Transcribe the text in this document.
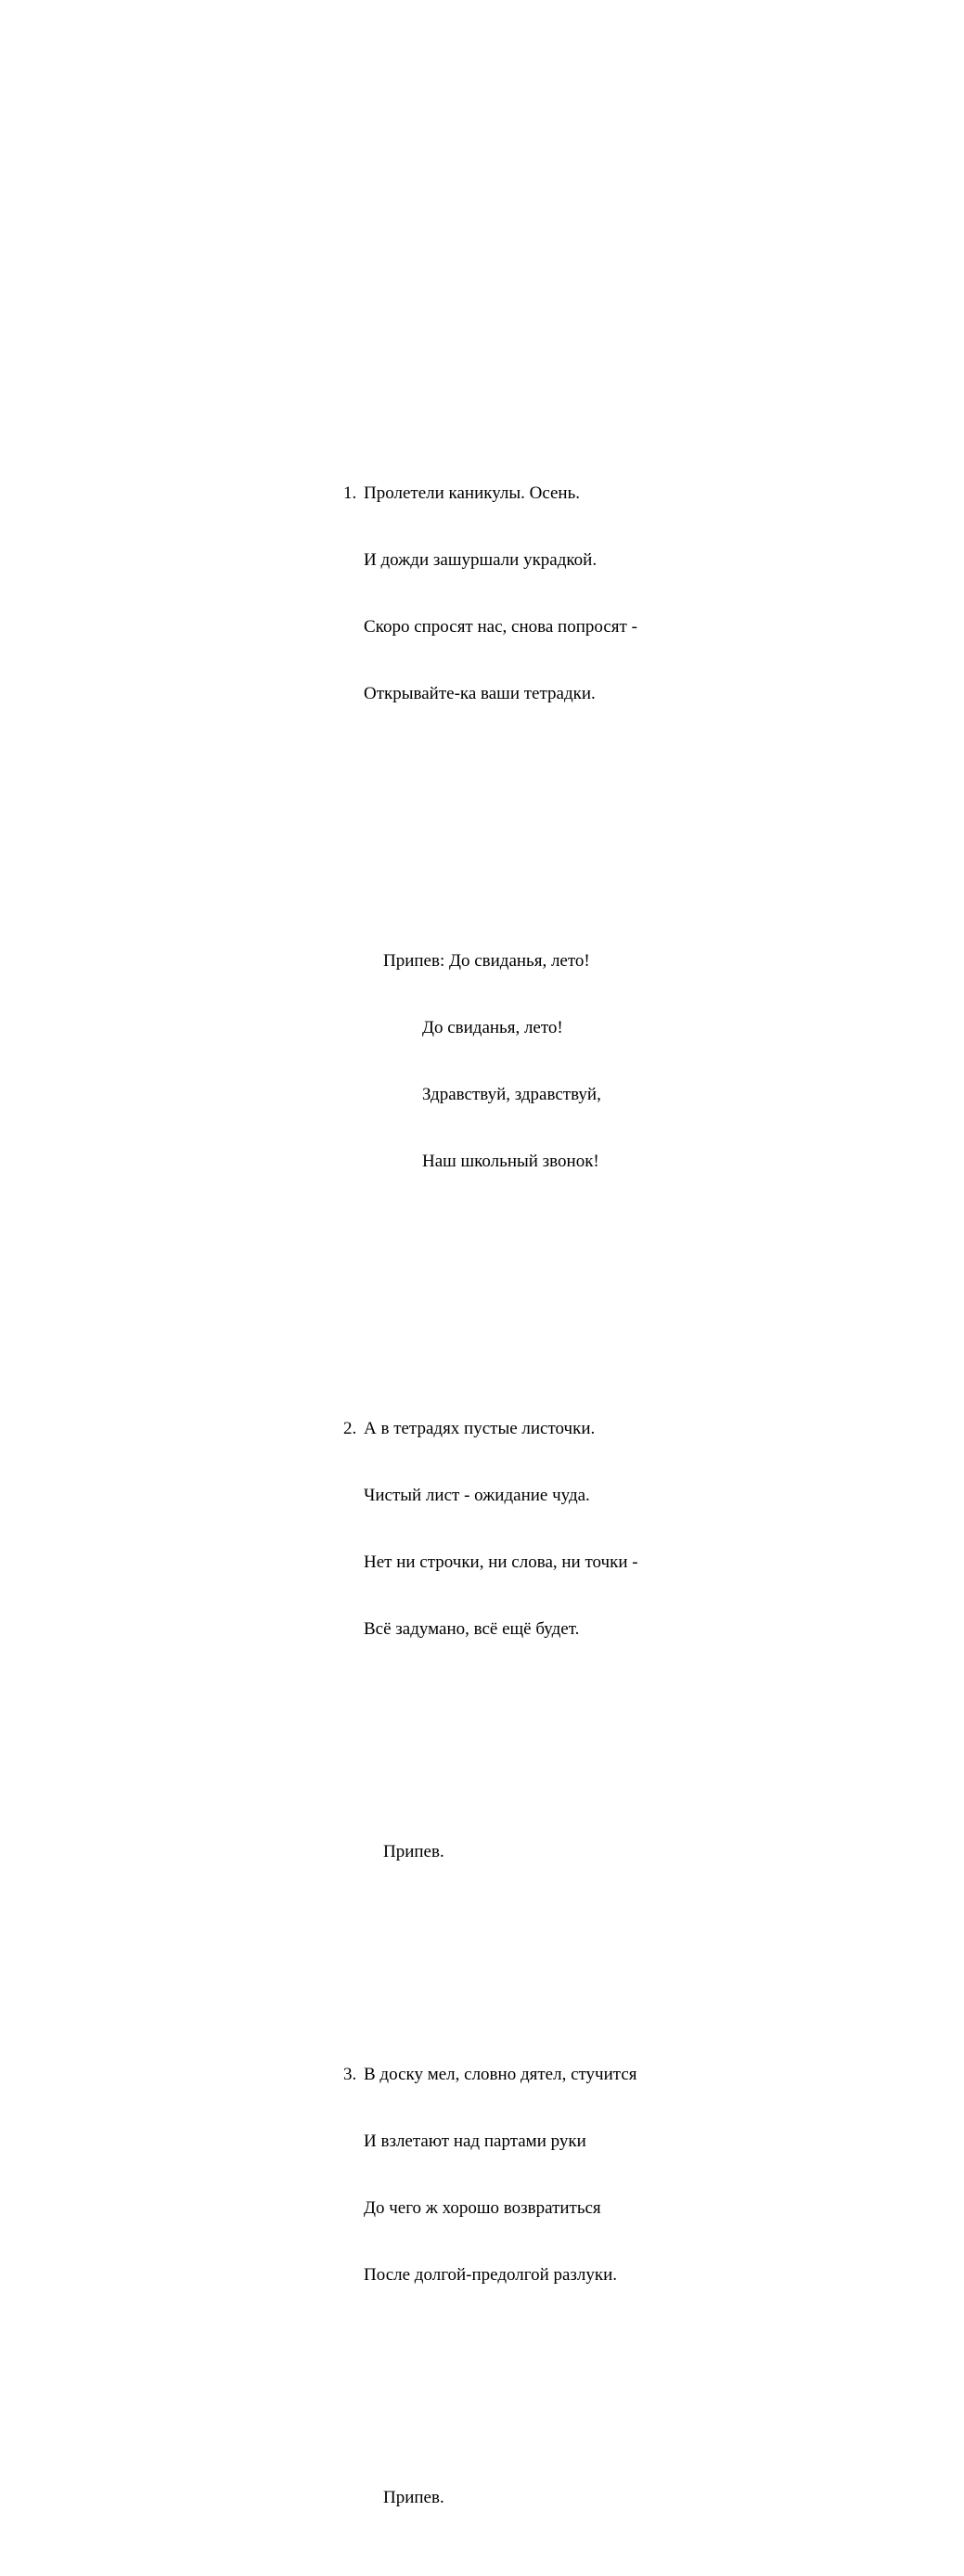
1. Пролетели каникулы. Осень.

И дожди зашуршали украдкой.

Скоро спросят нас, снова попросят -

Открывайте-ка ваши тетрадки.

Припев: До свиданья, лето!

До свиданья, лето!

Здравствуй, здравствуй,

Наш школьный звонок!

2. А в тетрадях пустые листочки.

Чистый лист - ожидание чуда.

Нет ни строчки, ни слова, ни точки -

Всё задумано, всё ещё будет.

Припев.

3. В доску мел, словно дятел, стучится

И взлетают над партами руки

До чего ж хорошо возвратиться

После долгой-предолгой разлуки.

Припев.
